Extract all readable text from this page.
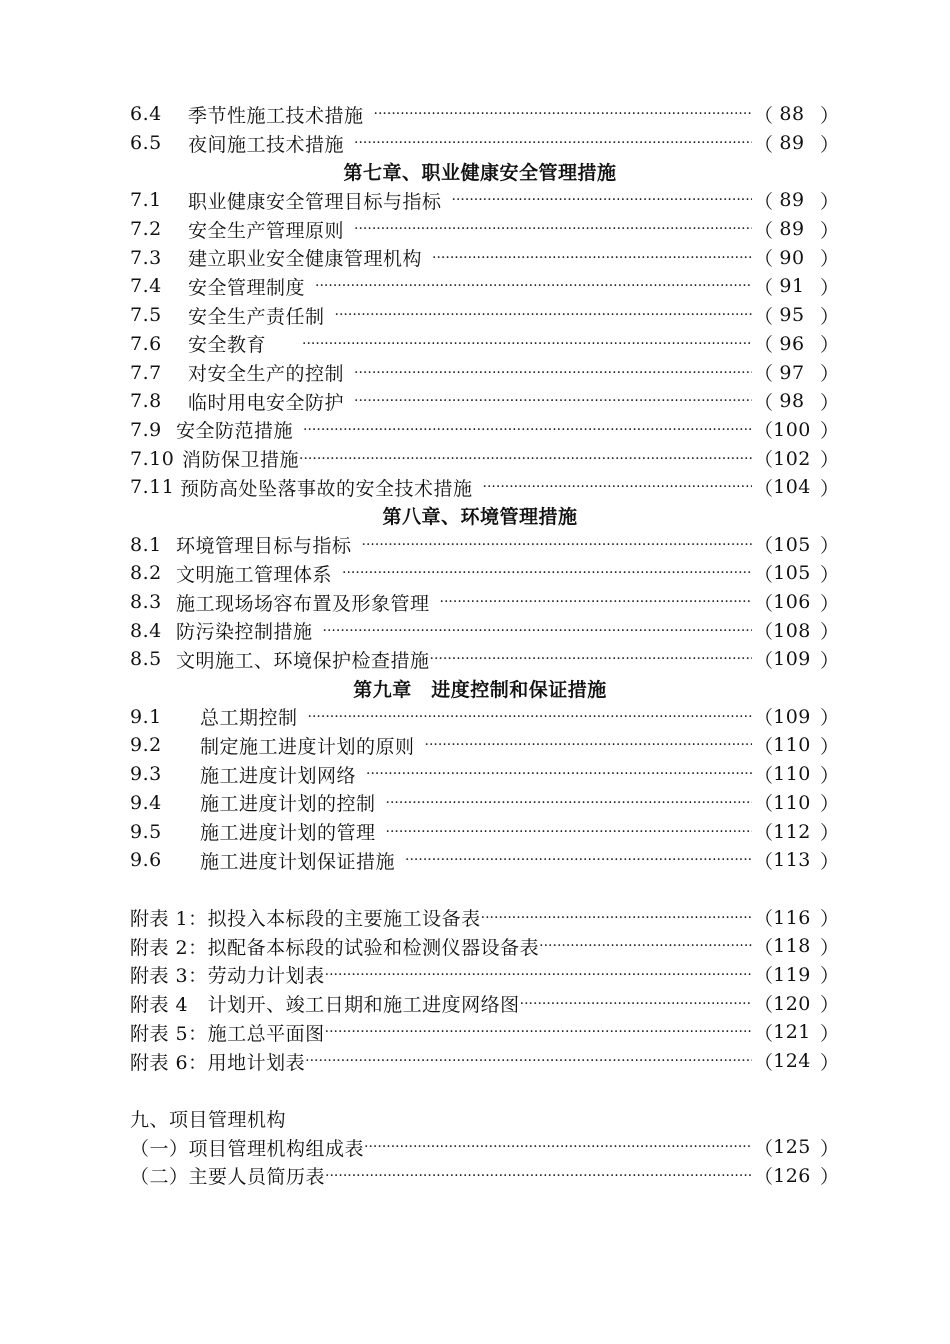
6.4	季节性施工技术措施 ·····	（ 88 ）
6.5	夜间施工技术措施 ·····	（ 89 ）
第七章、职业健康安全管理措施
7.1	职业健康安全管理目标与指标 ·····	（ 89 ）
7.2	安全生产管理原则 ·····	（ 89 ）
7.3	建立职业安全健康管理机构 ·····	（ 90 ）
7.4	安全管理制度 ·····	（ 91 ）
7.5	安全生产责任制 ·····	（ 95 ）
7.6	安全教育 ·····	（ 96 ）
7.7	对安全生产的控制 ·····	（ 97 ）
7.8	临时用电安全防护 ·····	（ 98 ）
7.9 安全防范措施 ·····	（ 100 ）
7.10 消防保卫措施 ·····	（ 102 ）
7.11 预防高处坠落事故的安全技术措施 ·····	（ 104 ）
第八章、环境管理措施
8.1 环境管理目标与指标 ·····	（ 105 ）
8.2 文明施工管理体系 ·····	（ 105 ）
8.3 施工现场场容布置及形象管理 ·····	（ 106 ）
8.4 防污染控制措施 ·····	（ 108 ）
8.5 文明施工、环境保护检查措施 ·····	（ 109 ）
第九章　进度控制和保证措施
9.1	总工期控制 ·····	（ 109 ）
9.2	制定施工进度计划的原则 ·····	（ 110 ）
9.3	施工进度计划网络 ·····	（ 110 ）
9.4	施工进度计划的控制 ·····	（ 110 ）
9.5	施工进度计划的管理 ·····	（ 112 ）
9.6	施工进度计划保证措施 ·····	（ 113 ）
附表 1：拟投入本标段的主要施工设备表 ·····	（ 116 ）
附表 2：拟配备本标段的试验和检测仪器设备表 ·····	（ 118 ）
附表 3：劳动力计划表 ·····	（ 119 ）
附表 4　计划开、竣工日期和施工进度网络图 ·····	（ 120 ）
附表 5：施工总平面图 ·····	（ 121 ）
附表 6：用地计划表 ·····	（ 124 ）
九、项目管理机构
（一）项目管理机构组成表 ·····	（ 125 ）
（二）主要人员简历表 ·····	（ 126 ）
